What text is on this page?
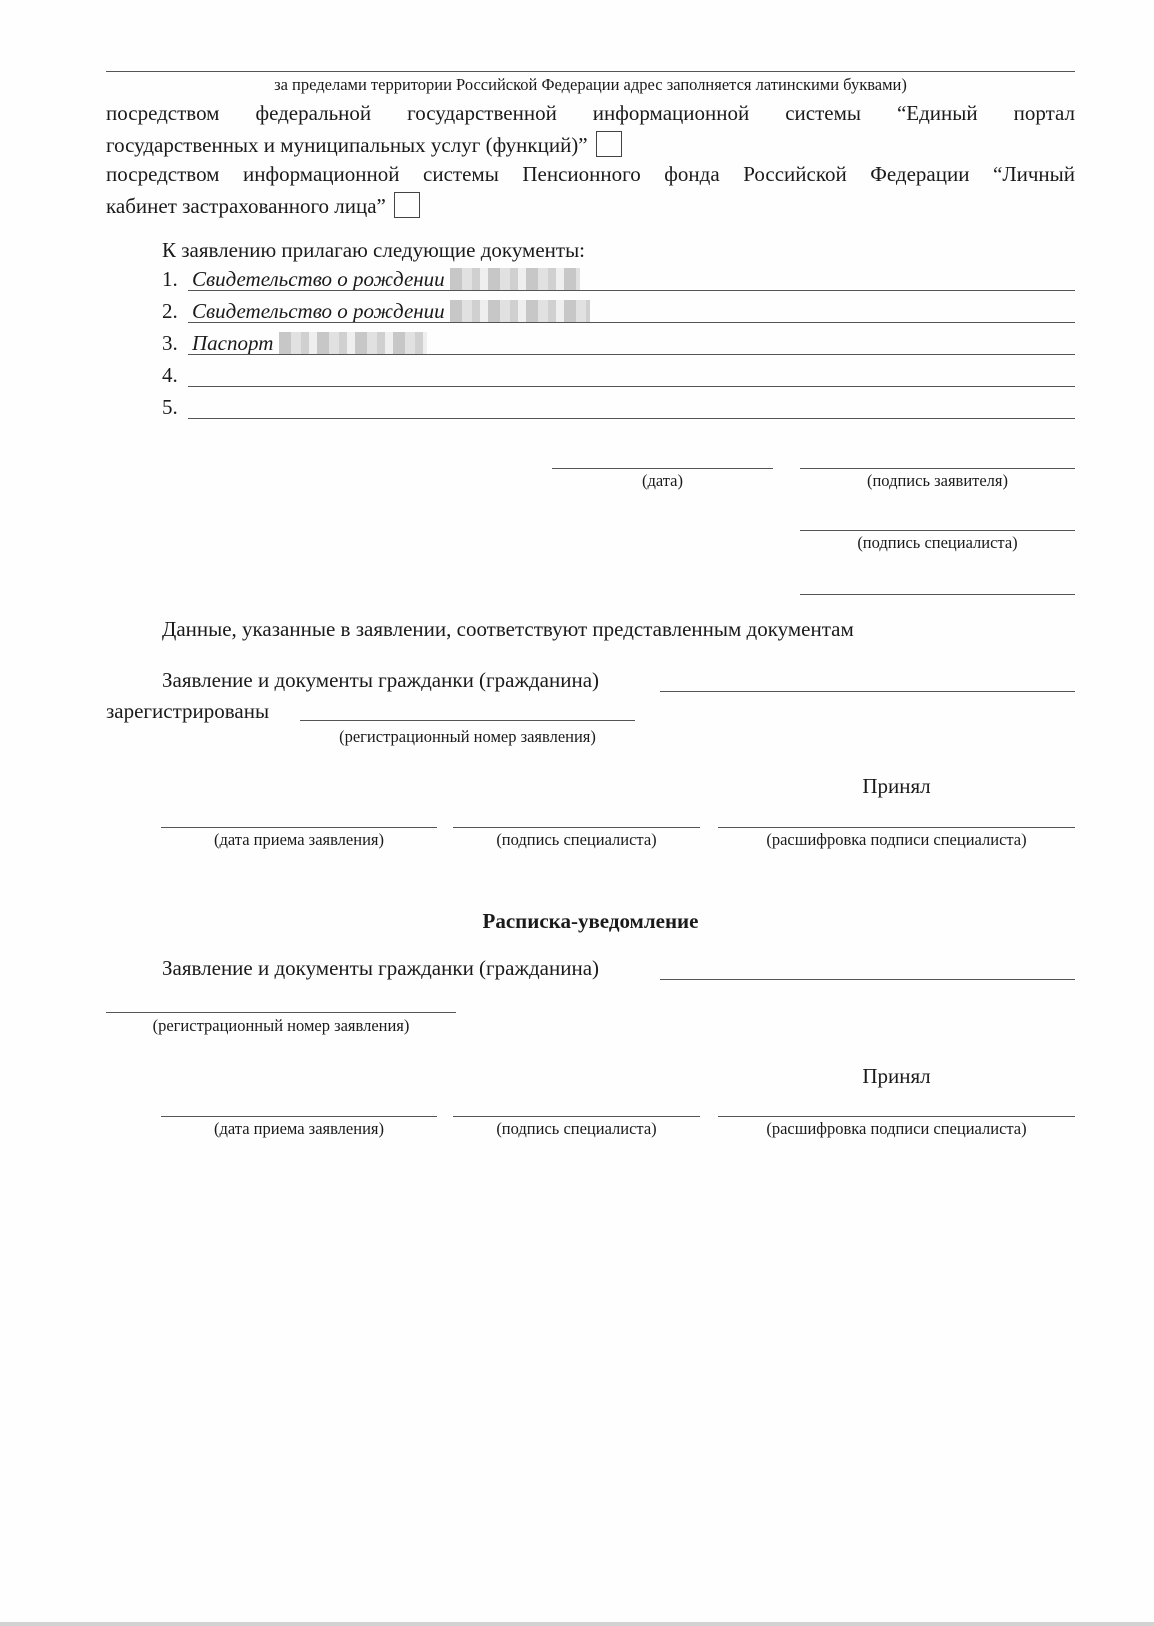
за пределами территории Российской Федерации адрес заполняется латинскими буквами)
посредством федеральной государственной информационной системы “Единый портал
государственных и муниципальных услуг (функций)”
посредством информационной системы Пенсионного фонда Российской Федерации “Личный
кабинет застрахованного лица”
К заявлению прилагаю следующие документы:
1. Свидетельство о рождении
2. Свидетельство о рождении
3. Паспорт
4.
5.
(дата)	(подпись заявителя)
(подпись специалиста)
Данные, указанные в заявлении, соответствуют представленным документам
Заявление и документы гражданки (гражданина)
зарегистрированы
(регистрационный номер заявления)
Принял
(дата приема заявления)	(подпись специалиста)	(расшифровка подписи специалиста)
Расписка-уведомление
Заявление и документы гражданки (гражданина)
(регистрационный номер заявления)
Принял
(дата приема заявления)	(подпись специалиста)	(расшифровка подписи специалиста)
